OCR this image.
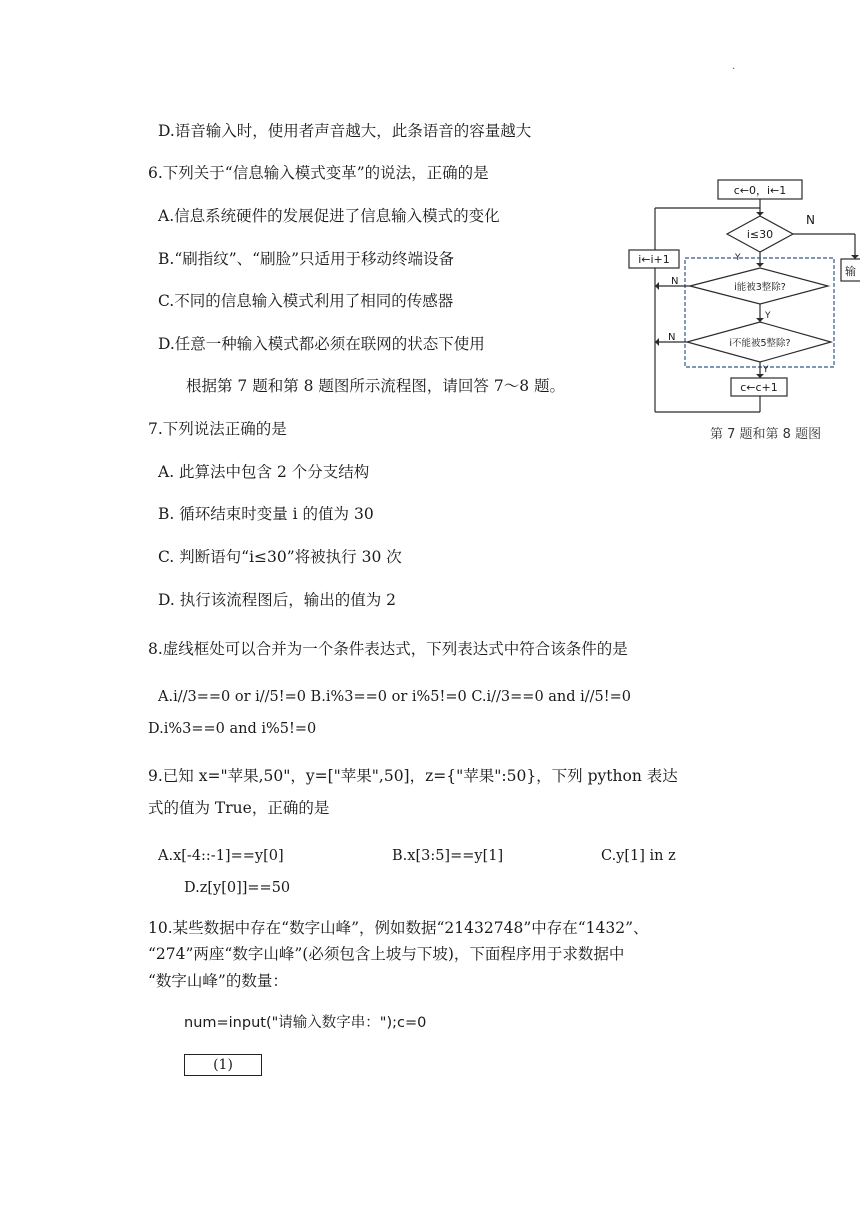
·
D.语音输入时，使用者声音越大，此条语音的容量越大
6.下列关于“信息输入模式变革”的说法，正确的是
A.信息系统硬件的发展促进了信息输入模式的变化
B.“刷指纹”、“刷脸”只适用于移动终端设备
C.不同的信息输入模式利用了相同的传感器
D.任意一种输入模式都必须在联网的状态下使用
根据第 7 题和第 8 题图所示流程图，请回答 7～8 题。
c←0，i←1
i≤30
i能被3整除?
i不能被5整除?
c←c+1
i←i+1
输
N
Y
N
Y
N
Y
第 7 题和第 8 题图
7.下列说法正确的是
A. 此算法中包含 2 个分支结构
B. 循环结束时变量 i 的值为 30
C. 判断语句“i≤30”将被执行 30 次
D. 执行该流程图后，输出的值为 2
8.虚线框处可以合并为一个条件表达式，下列表达式中符合该条件的是
A.i//3==0 or i//5!=0 B.i%3==0 or i%5!=0 C.i//3==0 and i//5!=0
D.i%3==0 and i%5!=0
9.已知 x="苹果,50"，y=["苹果",50]，z={"苹果":50}，下列 python 表达
式的值为 True，正确的是
A.x[-4::-1]==y[0]	B.x[3:5]==y[1]	C.y[1] in z
D.z[y[0]]==50
10.某些数据中存在“数字山峰”，例如数据“21432748”中存在“1432”、
“274”两座“数字山峰”(必须包含上坡与下坡)，下面程序用于求数据中
“数字山峰”的数量：
num=input("请输入数字串：");c=0
(1)
